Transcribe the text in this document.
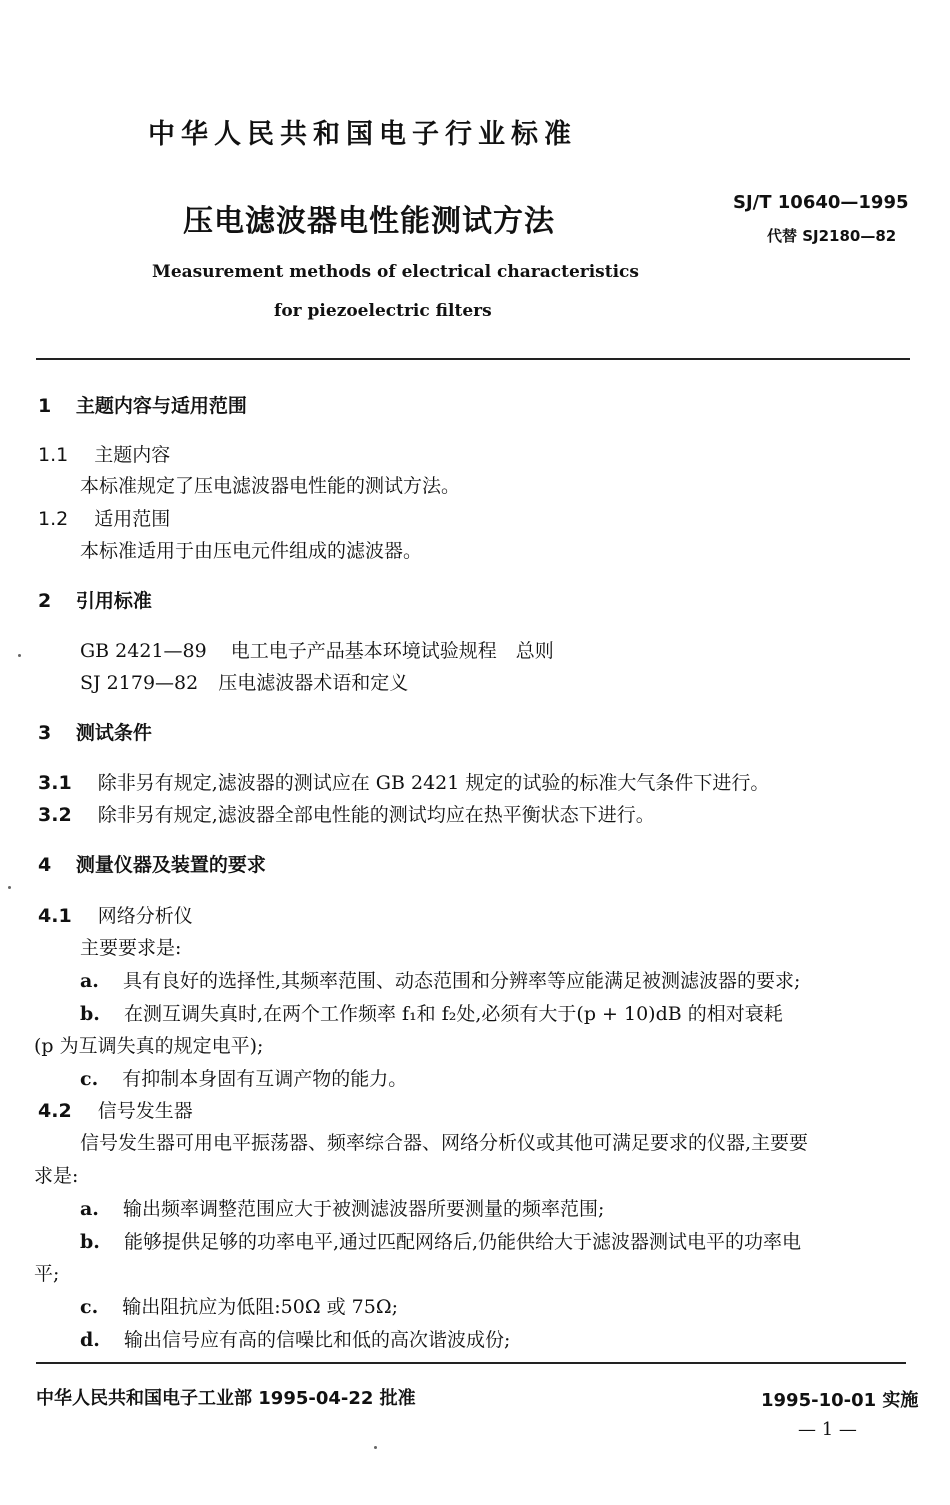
中华人民共和国电子行业标准
压电滤波器电性能测试方法
SJ/T 10640—1995
代替 SJ2180—82
Measurement methods of electrical characteristics
for piezoelectric filters
1 主题内容与适用范围
1.1 主题内容
本标准规定了压电滤波器电性能的测试方法。
1.2 适用范围
本标准适用于由压电元件组成的滤波器。
2 引用标准
GB 2421—89 电工电子产品基本环境试验规程　总则
SJ 2179—82 压电滤波器术语和定义
3 测试条件
3.1 除非另有规定,滤波器的测试应在 GB 2421 规定的试验的标准大气条件下进行。
3.2 除非另有规定,滤波器全部电性能的测试均应在热平衡状态下进行。
4 测量仪器及装置的要求
4.1 网络分析仪
主要要求是:
a. 具有良好的选择性,其频率范围、动态范围和分辨率等应能满足被测滤波器的要求;
b. 在测互调失真时,在两个工作频率 f₁和 f₂处,必须有大于(p + 10)dB 的相对衰耗
(p 为互调失真的规定电平);
c. 有抑制本身固有互调产物的能力。
4.2 信号发生器
信号发生器可用电平振荡器、频率综合器、网络分析仪或其他可满足要求的仪器,主要要
求是:
a. 输出频率调整范围应大于被测滤波器所要测量的频率范围;
b. 能够提供足够的功率电平,通过匹配网络后,仍能供给大于滤波器测试电平的功率电
平;
c. 输出阻抗应为低阻:50Ω 或 75Ω;
d. 输出信号应有高的信噪比和低的高次谐波成份;
中华人民共和国电子工业部 1995-04-22 批准	1995-10-01 实施
— 1 —
